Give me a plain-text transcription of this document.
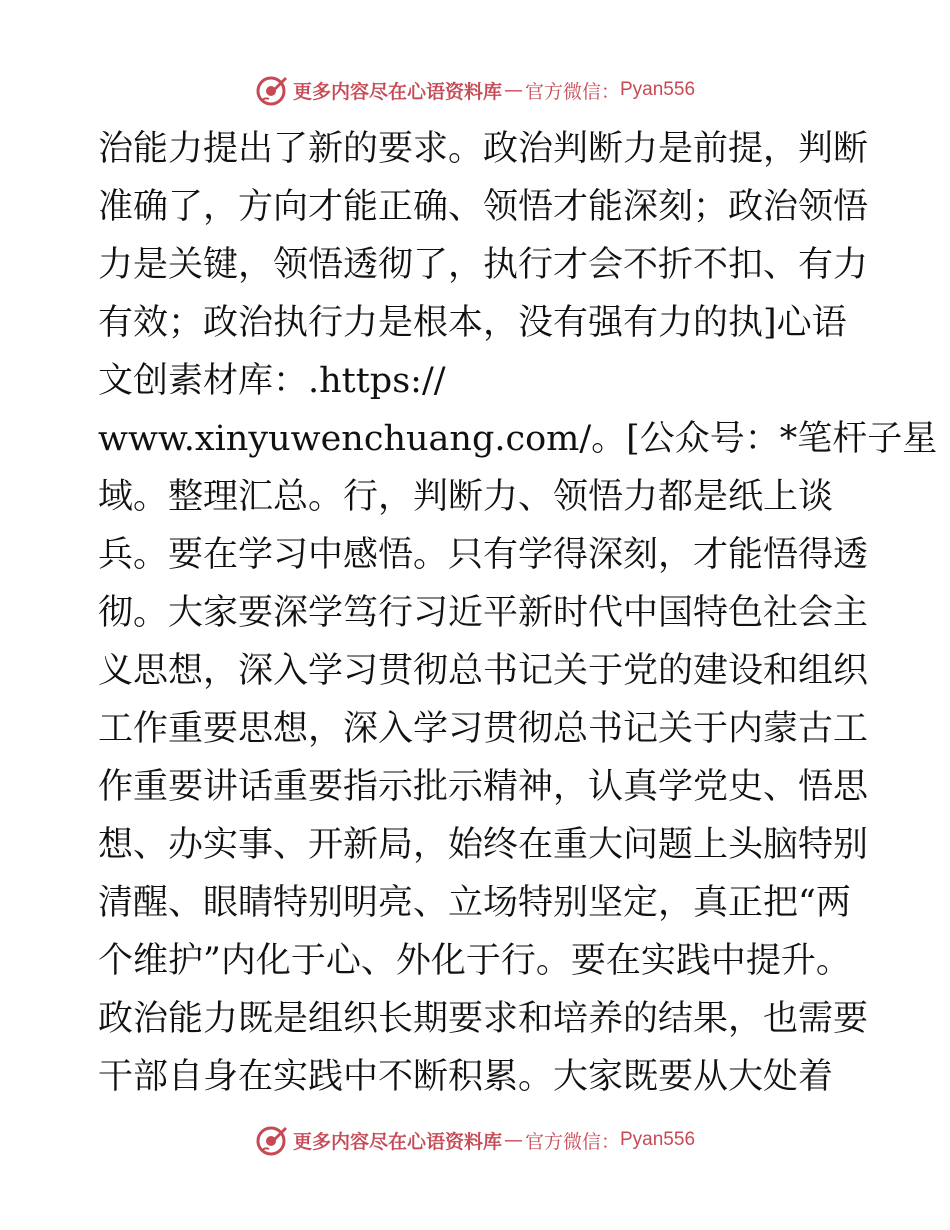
更多内容尽在心语资料库 — 官方微信： Pyan556
治能力提出了新的要求。政治判断力是前提，判断
准确了，方向才能正确、领悟才能深刻；政治领悟
力是关键，领悟透彻了，执行才会不折不扣、有力
有效；政治执行力是根本，没有强有力的执]心语
文创素材库：.https://
www.xinyuwenchuang.com/。[公众号：*笔杆子星
域。整理汇总。行，判断力、领悟力都是纸上谈
兵。要在学习中感悟。只有学得深刻，才能悟得透
彻。大家要深学笃行习近平新时代中国特色社会主
义思想，深入学习贯彻总书记关于党的建设和组织
工作重要思想，深入学习贯彻总书记关于内蒙古工
作重要讲话重要指示批示精神，认真学党史、悟思
想、办实事、开新局，始终在重大问题上头脑特别
清醒、眼睛特别明亮、立场特别坚定，真正把“两
个维护”内化于心、外化于行。要在实践中提升。
政治能力既是组织长期要求和培养的结果，也需要
干部自身在实践中不断积累。大家既要从大处着
更多内容尽在心语资料库 — 官方微信： Pyan556
